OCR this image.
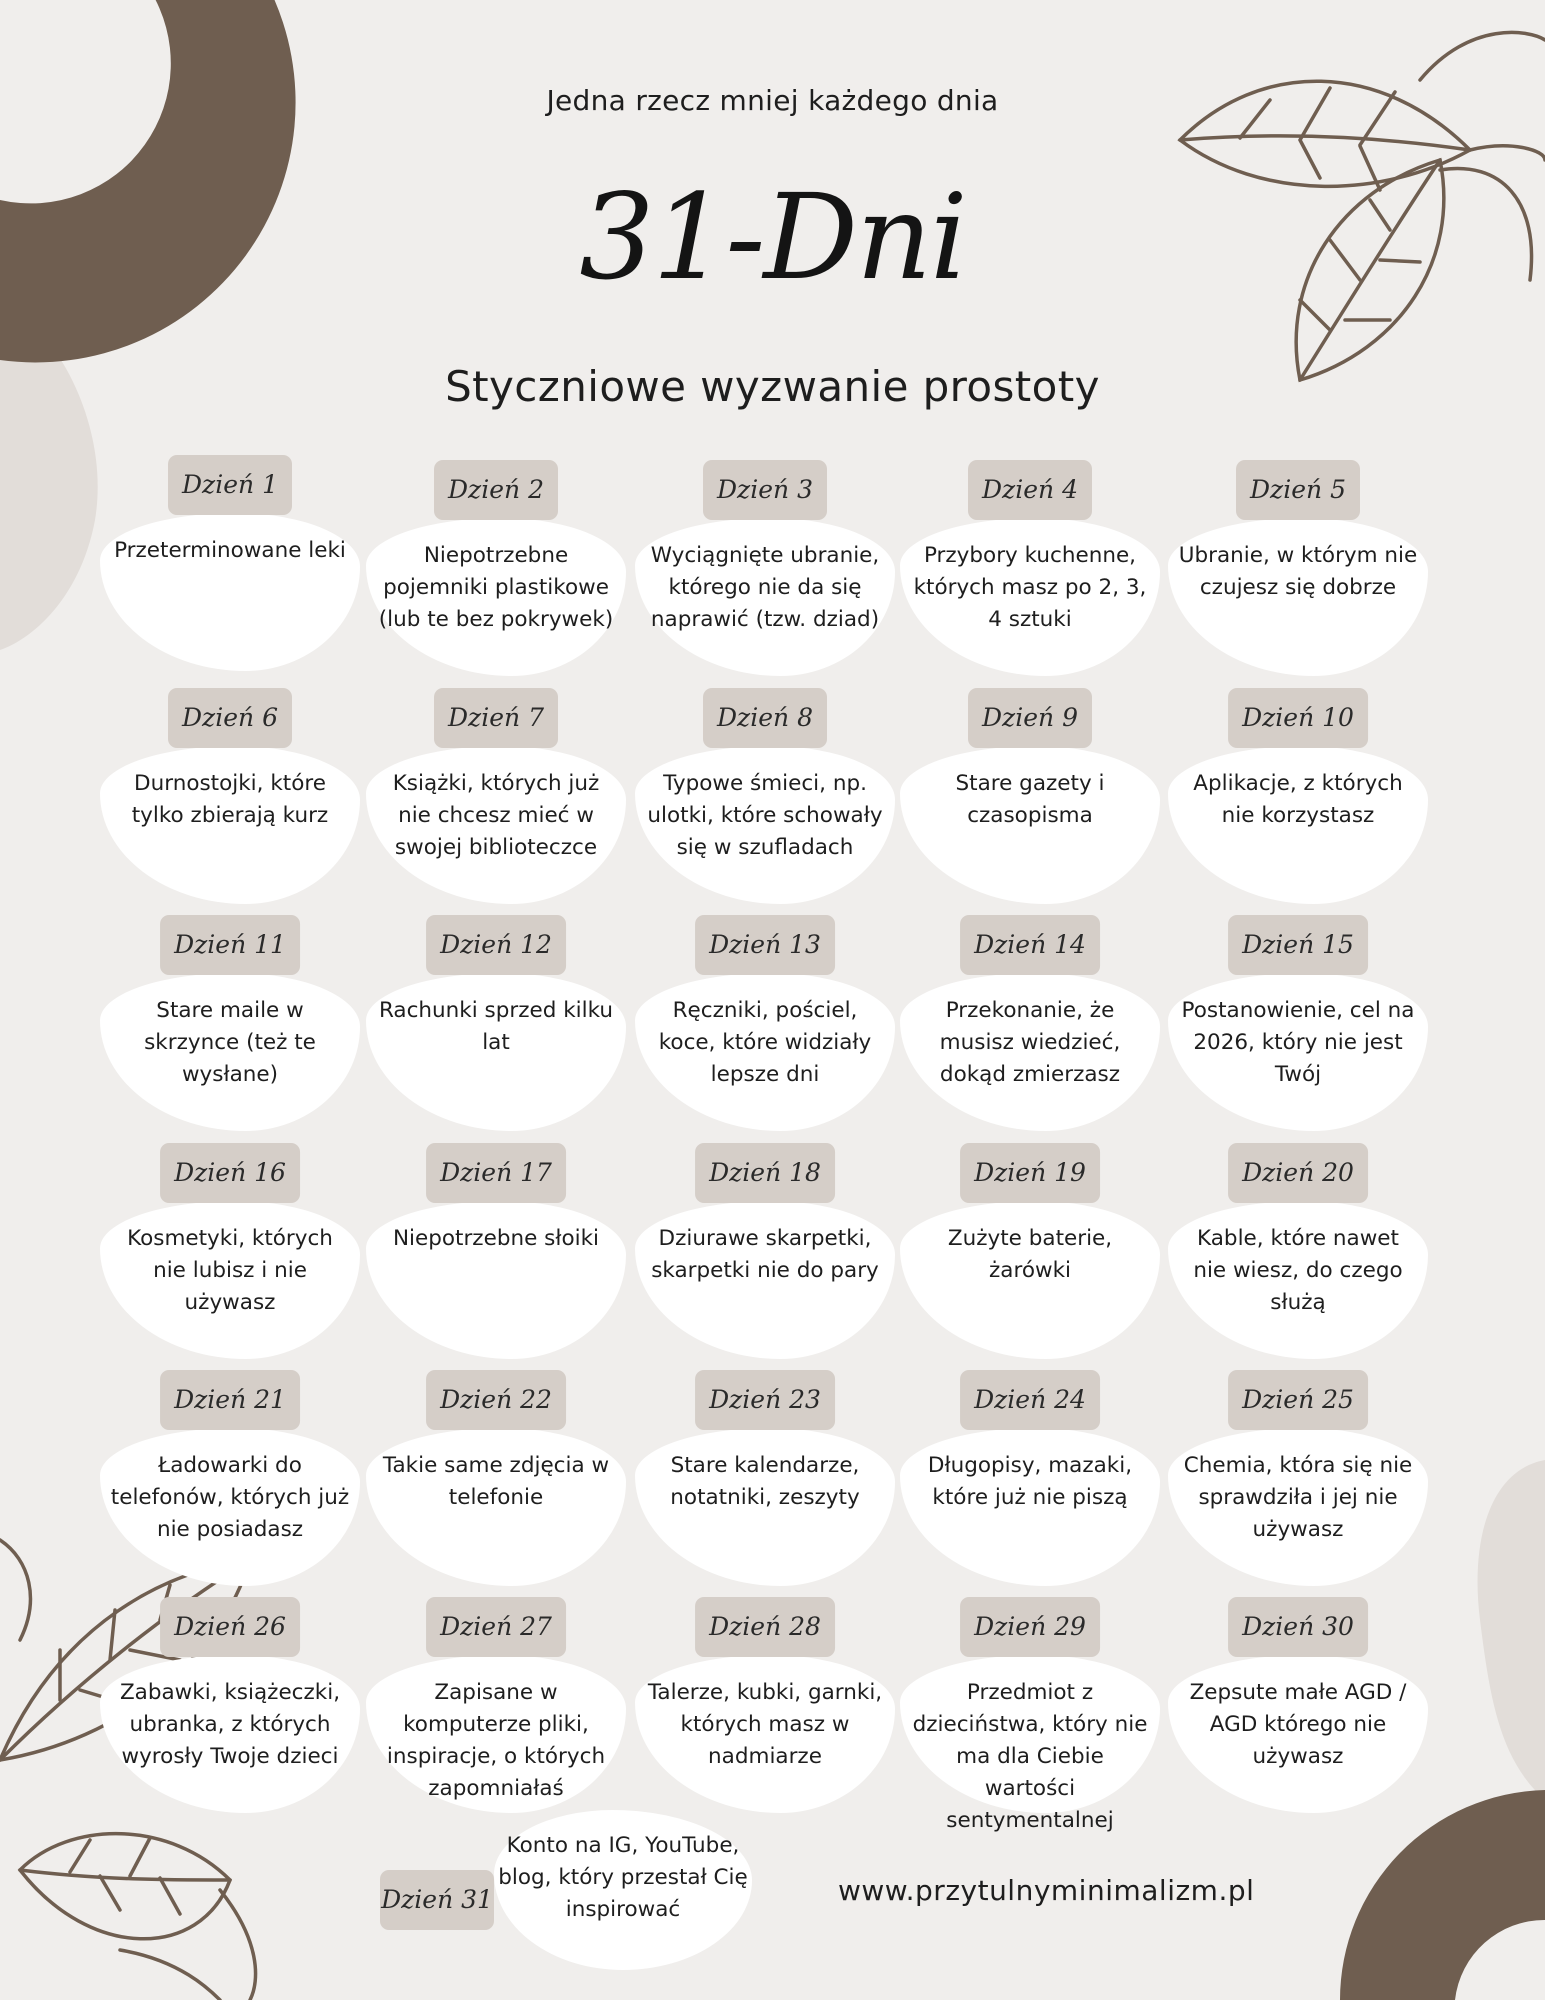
Jedna rzecz mniej każdego dnia
31-Dni
Styczniowe wyzwanie prostoty
Dzień 1
Przeterminowane leki
Dzień 2
Niepotrzebne pojemniki plastikowe (lub te bez pokrywek)
Dzień 3
Wyciągnięte ubranie, którego nie da się naprawić (tzw. dziad)
Dzień 4
Przybory kuchenne, których masz po 2, 3, 4 sztuki
Dzień 5
Ubranie, w którym nie czujesz się dobrze
Dzień 6
Durnostojki, które tylko zbierają kurz
Dzień 7
Książki, których już nie chcesz mieć w swojej biblioteczce
Dzień 8
Typowe śmieci, np. ulotki, które schowały się w szufladach
Dzień 9
Stare gazety i czasopisma
Dzień 10
Aplikacje, z których nie korzystasz
Dzień 11
Stare maile w skrzynce (też te wysłane)
Dzień 12
Rachunki sprzed kilku lat
Dzień 13
Ręczniki, pościel, koce, które widziały lepsze dni
Dzień 14
Przekonanie, że musisz wiedzieć, dokąd zmierzasz
Dzień 15
Postanowienie, cel na 2026, który nie jest Twój
Dzień 16
Kosmetyki, których nie lubisz i nie używasz
Dzień 17
Niepotrzebne słoiki
Dzień 18
Dziurawe skarpetki, skarpetki nie do pary
Dzień 19
Zużyte baterie, żarówki
Dzień 20
Kable, które nawet nie wiesz, do czego służą
Dzień 21
Ładowarki do telefonów, których już nie posiadasz
Dzień 22
Takie same zdjęcia w telefonie
Dzień 23
Stare kalendarze, notatniki, zeszyty
Dzień 24
Długopisy, mazaki, które już nie piszą
Dzień 25
Chemia, która się nie sprawdziła i jej nie używasz
Dzień 26
Zabawki, książeczki, ubranka, z których wyrosły Twoje dzieci
Dzień 27
Zapisane w komputerze pliki, inspiracje, o których zapomniałaś
Dzień 28
Talerze, kubki, garnki, których masz w nadmiarze
Dzień 29
Przedmiot z dzieciństwa, który nie ma dla Ciebie wartości sentymentalnej
Dzień 30
Zepsute małe AGD / AGD którego nie używasz
Dzień 31
Konto na IG, YouTube, blog, który przestał Cię inspirować
www.przytulnyminimalizm.pl
